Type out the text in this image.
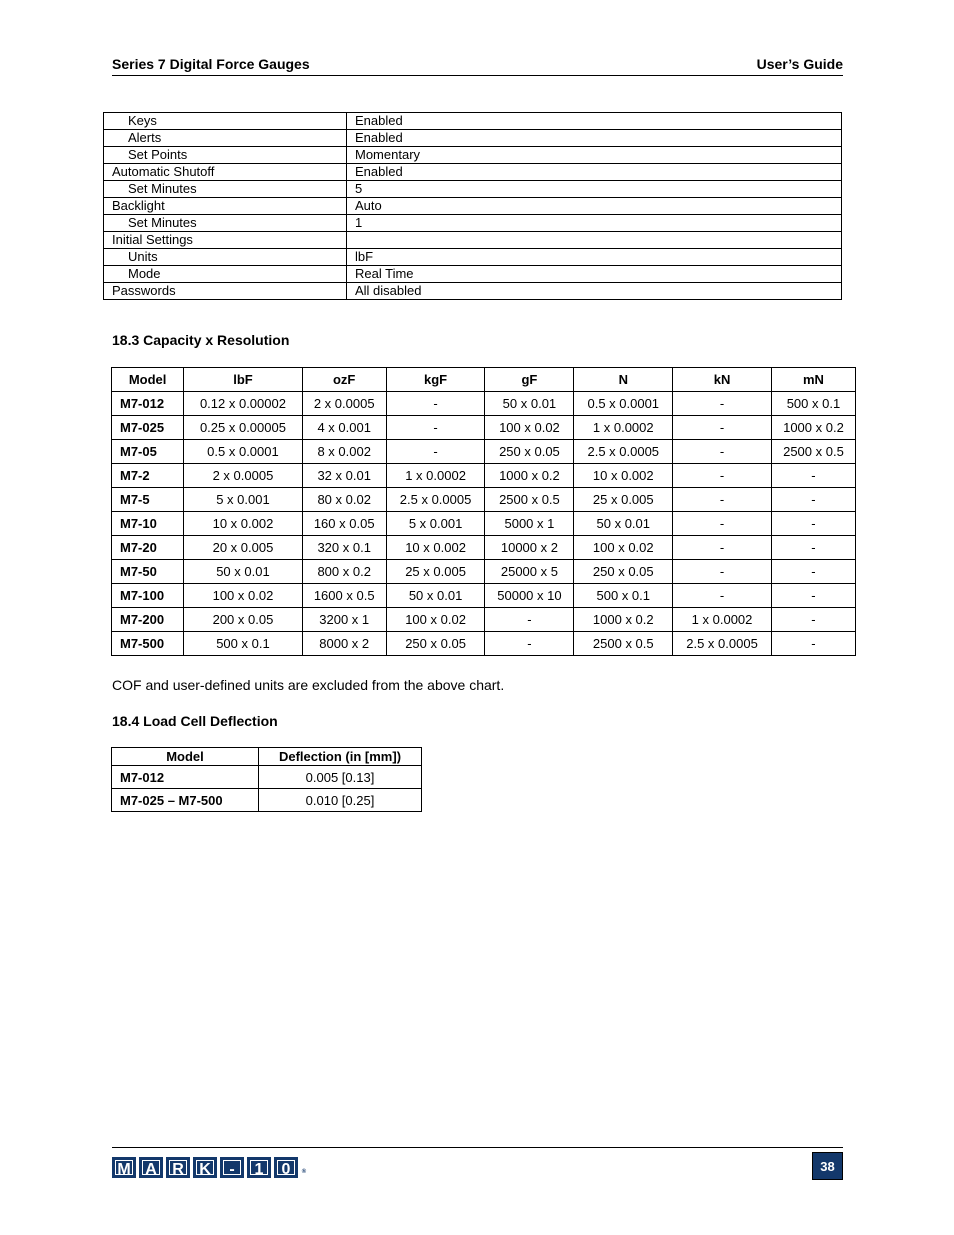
Series 7 Digital Force Gauges	User’s Guide
Keys	Enabled
Alerts	Enabled
Set Points	Momentary
Automatic Shutoff	Enabled
Set Minutes	5
Backlight	Auto
Set Minutes	1
Initial Settings	
Units	lbF
Mode	Real Time
Passwords	All disabled
18.3 Capacity x Resolution
Model	lbF	ozF	kgF	gF	N	kN	mN
M7-012	0.12 x 0.00002	2 x 0.0005	-	50 x 0.01	0.5 x 0.0001	-	500 x 0.1
M7-025	0.25 x 0.00005	4 x 0.001	-	100 x 0.02	1 x 0.0002	-	1000 x 0.2
M7-05	0.5 x 0.0001	8 x 0.002	-	250 x 0.05	2.5 x 0.0005	-	2500 x 0.5
M7-2	2 x 0.0005	32 x 0.01	1 x 0.0002	1000 x 0.2	10 x 0.002	-	-
M7-5	5 x 0.001	80 x 0.02	2.5 x 0.0005	2500 x 0.5	25 x 0.005	-	-
M7-10	10 x 0.002	160 x 0.05	5 x 0.001	5000 x 1	50 x 0.01	-	-
M7-20	20 x 0.005	320 x 0.1	10 x 0.002	10000 x 2	100 x 0.02	-	-
M7-50	50 x 0.01	800 x 0.2	25 x 0.005	25000 x 5	250 x 0.05	-	-
M7-100	100 x 0.02	1600 x 0.5	50 x 0.01	50000 x 10	500 x 0.1	-	-
M7-200	200 x 0.05	3200 x 1	100 x 0.02	-	1000 x 0.2	1 x 0.0002	-
M7-500	500 x 0.1	8000 x 2	250 x 0.05	-	2500 x 0.5	2.5 x 0.0005	-
COF and user-defined units are excluded from the above chart.
18.4 Load Cell Deflection
Model	Deflection (in [mm])
M7-012	0.005 [0.13]
M7-025 – M7-500	0.010 [0.25]
M A R K	-	1	0	®	38
